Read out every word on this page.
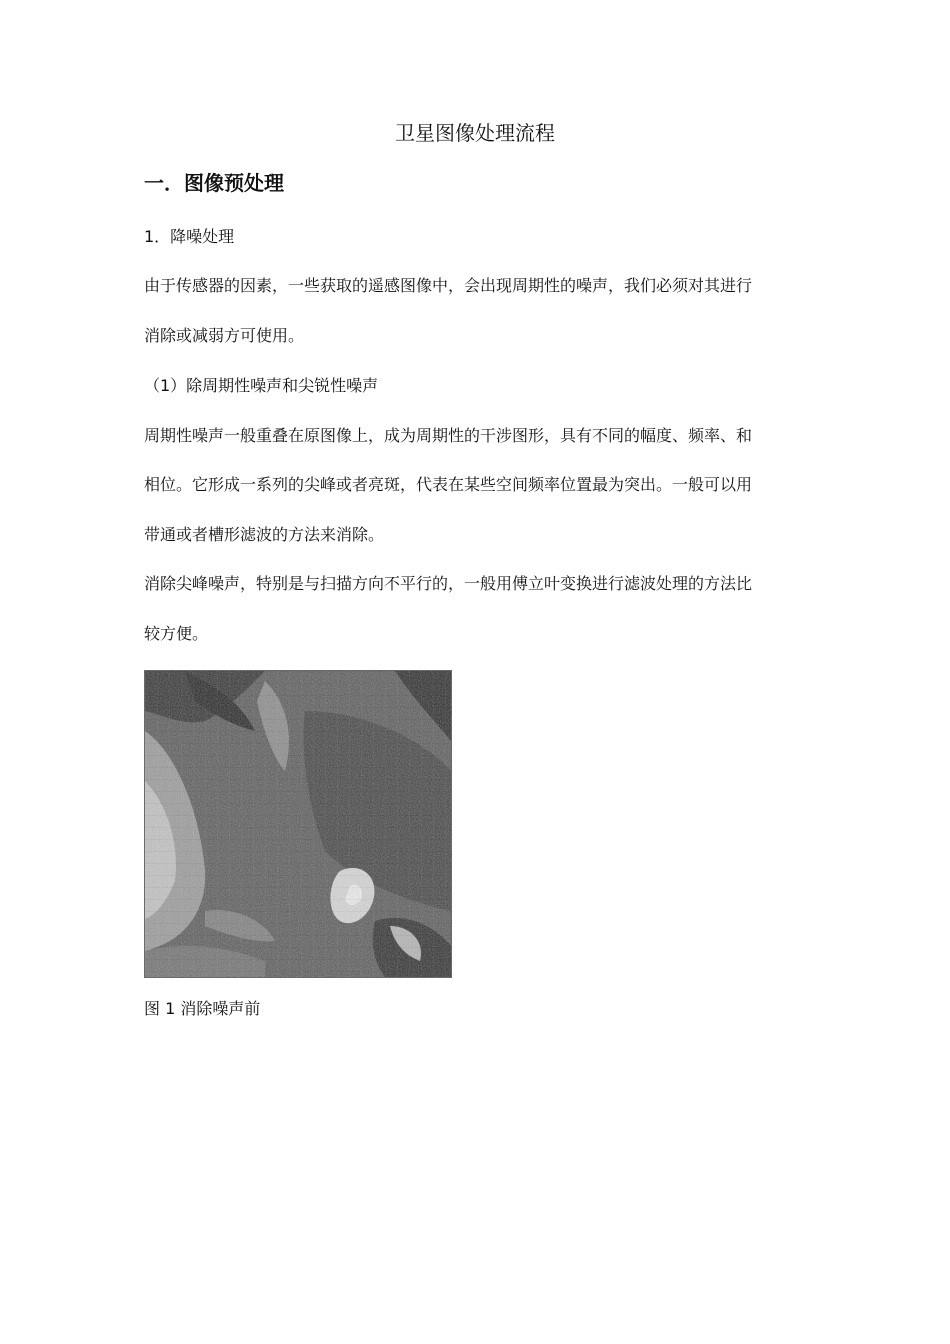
卫星图像处理流程
一．图像预处理

1．降噪处理

由于传感器的因素，一些获取的遥感图像中，会出现周期性的噪声，我们必须对其进行

消除或减弱方可使用。

（1）除周期性噪声和尖锐性噪声

周期性噪声一般重叠在原图像上，成为周期性的干涉图形，具有不同的幅度、频率、和

相位。它形成一系列的尖峰或者亮斑，代表在某些空间频率位置最为突出。一般可以用

带通或者槽形滤波的方法来消除。

消除尖峰噪声，特别是与扫描方向不平行的，一般用傅立叶变换进行滤波处理的方法比

较方便。

图 1 消除噪声前
